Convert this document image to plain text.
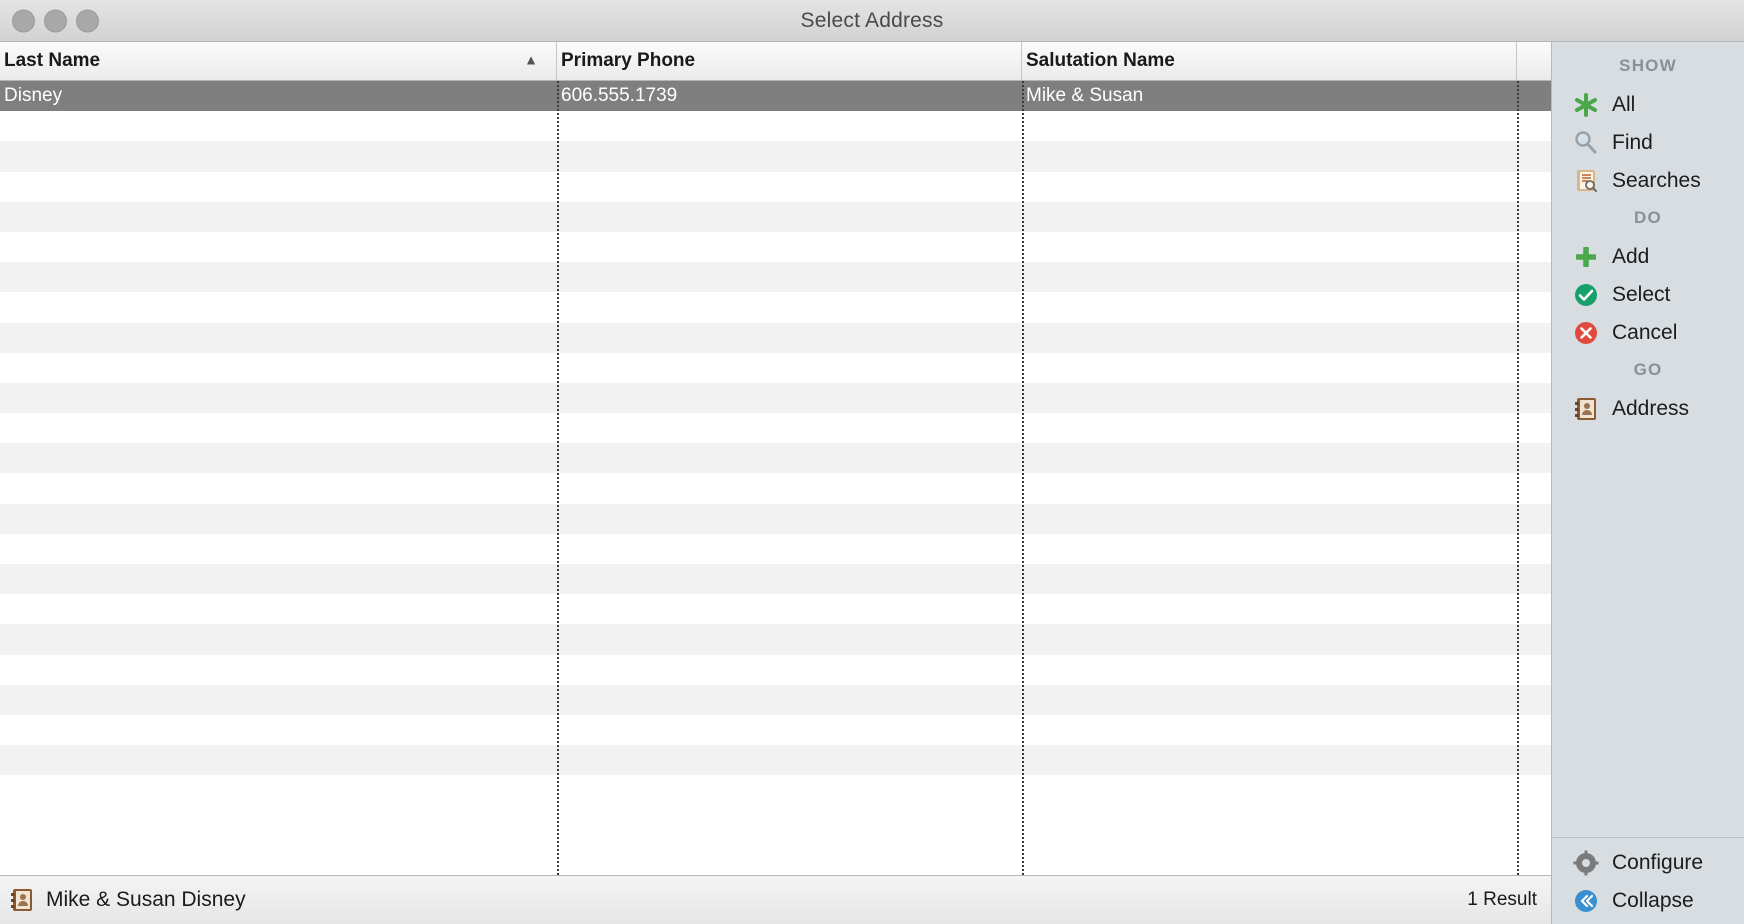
Select Address
Last Name	▲ Primary Phone	Salutation Name
Disney	606.555.1739	Mike & Susan
Mike & Susan Disney	1 Result
SHOW
All
Find
Searches
DO
Add
Select
Cancel
GO
Address
Configure
Collapse
